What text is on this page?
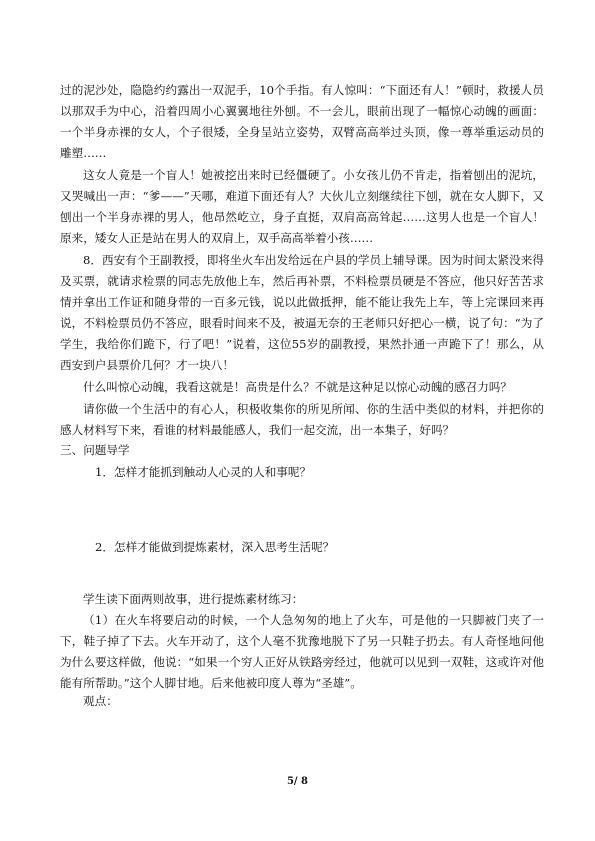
过的泥沙处，隐隐约约露出一双泥手，10个手指。有人惊叫：“下面还有人！”顿时，救援人员以那双手为中心，沿着四周小心翼翼地往外刨。不一会儿，眼前出现了一幅惊心动魄的画面：一个半身赤裸的女人，个子很矮，全身呈站立姿势，双臂高高举过头顶，像一尊举重运动员的雕塑……

这女人竟是一个盲人！她被挖出来时已经僵硬了。小女孩儿仍不肯走，指着刨出的泥坑，又哭喊出一声：“爹——”天哪，难道下面还有人？大伙儿立刻继续往下刨，就在女人脚下，又刨出一个半身赤裸的男人，他昂然屹立，身子直挺，双肩高高耸起……这男人也是一个盲人！原来，矮女人正是站在男人的双肩上，双手高高举着小孩……

8．西安有个王副教授，即将坐火车出发给远在户县的学员上辅导课。因为时间太紧没来得及买票，就请求检票的同志先放他上车，然后再补票，不料检票员硬是不答应，他只好苦苦求情并拿出工作证和随身带的一百多元钱，说以此做抵押，能不能让我先上车，等上完课回来再说，不料检票员仍不答应，眼看时间来不及，被逼无奈的王老师只好把心一横，说了句：“为了学生，我给你们跪下，行了吧！”说着，这位55岁的副教授，果然扑通一声跪下了！那么，从西安到户县票价几何？才一块八！

什么叫惊心动魄，我看这就是！高贵是什么？不就是这种足以惊心动魄的感召力吗？

请你做一个生活中的有心人，积极收集你的所见所闻、你的生活中类似的材料，并把你的感人材料写下来，看谁的材料最能感人，我们一起交流，出一本集子，好吗？

三、问题导学

1．怎样才能抓到触动人心灵的人和事呢？

2．怎样才能做到提炼素材，深入思考生活呢？

学生读下面两则故事，进行提炼素材练习：

（1）在火车将要启动的时候，一个人急匆匆的地上了火车，可是他的一只脚被门夹了一下，鞋子掉了下去。火车开动了，这个人毫不犹豫地脱下了另一只鞋子扔去。有人奇怪地问他为什么要这样做，他说：“如果一个穷人正好从铁路旁经过，他就可以见到一双鞋，这或许对他能有所帮助。”这个人脚甘地。后来他被印度人尊为“圣雄”。

观点：

5/ 8
